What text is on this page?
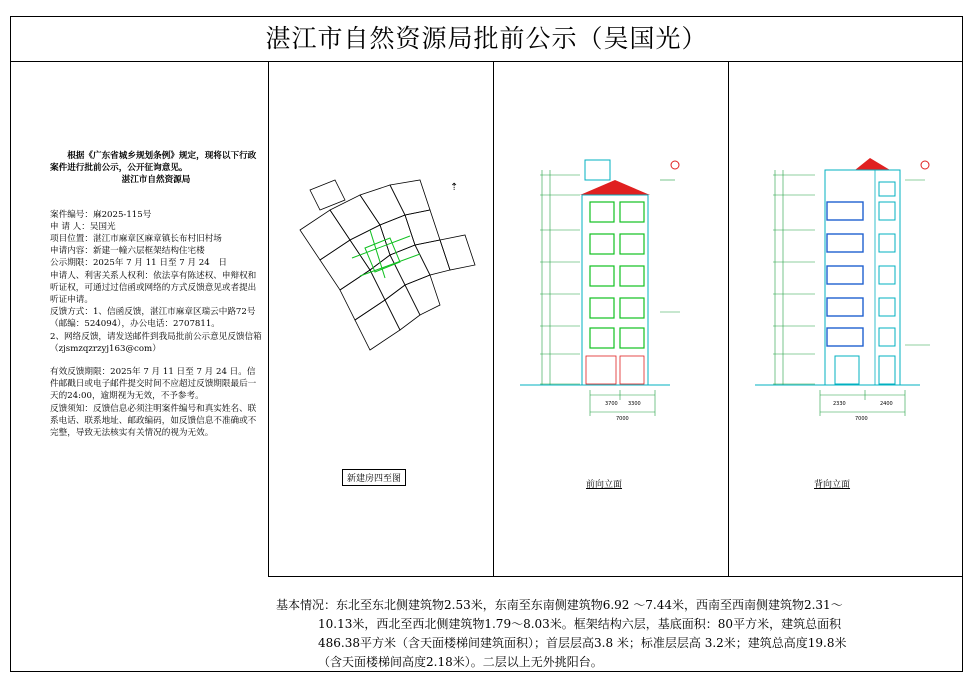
湛江市自然资源局批前公示（吴国光）

根据《广东省城乡规划条例》规定，现将以下行政案件进行批前公示，公开征询意见。

湛江市自然资源局

案件编号：麻2025-115号

申 请 人：吴国光

项目位置：湛江市麻章区麻章镇长布村旧村场

申请内容：新建一幢六层框架结构住宅楼

公示期限：2025年 7 月 11 日至 7 月 24　日

申请人、利害关系人权利：依法享有陈述权、申辩权和听证权，可通过过信函或网络的方式反馈意见或者提出听证申请。

反馈方式：1、信函反馈，湛江市麻章区瑞云中路72号（邮编：524094），办公电话：2707811。

2、网络反馈，请发送邮件到我局批前公示意见反馈信箱（zjsmzqzrzyj163@com）

有效反馈期限：2025年 7 月 11 日至 7 月 24 日。信件邮戳日或电子邮件提交时间不应超过反馈期限最后一天的24:00，逾期视为无效，不予参考。

反馈须知：反馈信息必须注明案件编号和真实姓名、联系电话、联系地址、邮政编码，如反馈信息不准确或不完整，导致无法核实有关情况的视为无效。

⇡
新建房四至图
3700 3300
7000
前向立面
2330	2400
7000
背向立面

基本情况：东北至东北侧建筑物2.53米，东南至东南侧建筑物6.92 ～7.44米，西南至西南侧建筑物2.31～

10.13米，西北至西北侧建筑物1.79～8.03米。框架结构六层，基底面积：80平方米，建筑总面积

486.38平方米（含天面楼梯间建筑面积）；首层层高3.8 米；标准层层高 3.2米；建筑总高度19.8米

（含天面楼梯间高度2.18米）。二层以上无外挑阳台。
